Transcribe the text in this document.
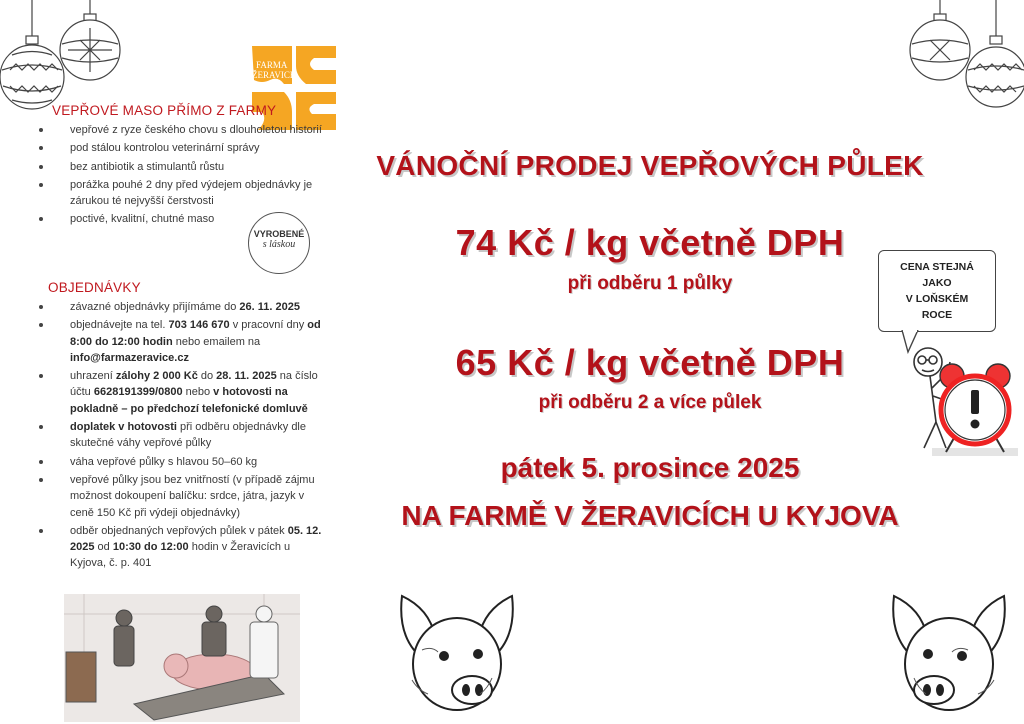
FARMA
ŽERAVICE
VEPŘOVÉ MASO PŘÍMO Z FARMY
vepřové z ryze českého chovu s dlouholetou historií
pod stálou kontrolou veterinární správy
bez antibiotik a stimulantů růstu
porážka pouhé 2 dny před výdejem objednávky je zárukou té nejvyšší čerstvosti
poctivé, kvalitní, chutné maso
VYROBENÉ
s láskou
OBJEDNÁVKY
závazné objednávky přijímáme do 26. 11. 2025
objednávejte na tel. 703 146 670 v pracovní dny od 8:00 do 12:00 hodin nebo emailem na info@farmazeravice.cz
uhrazení zálohy 2 000 Kč do 28. 11. 2025 na číslo účtu 6628191399/0800 nebo v hotovosti na pokladně – po předchozí telefonické domluvě
doplatek v hotovosti při odběru objednávky dle skutečné váhy vepřové půlky
váha vepřové půlky s hlavou 50–60 kg
vepřové půlky jsou bez vnitřností (v případě zájmu možnost dokoupení balíčku: srdce, játra, jazyk v ceně 150 Kč při výdeji objednávky)
odběr objednaných vepřových půlek v pátek 05. 12. 2025 od 10:30 do 12:00 hodin v Žeravicích u Kyjova, č. p. 401
VÁNOČNÍ PRODEJ VEPŘOVÝCH PŮLEK
74 Kč / kg včetně DPH
při odběru 1 půlky
65 Kč / kg včetně DPH
při odběru 2 a více půlek
pátek 5. prosince 2025
NA FARMĚ V ŽERAVICÍCH U KYJOVA
CENA STEJNÁ
JAKO
V LOŇSKÉM
ROCE
